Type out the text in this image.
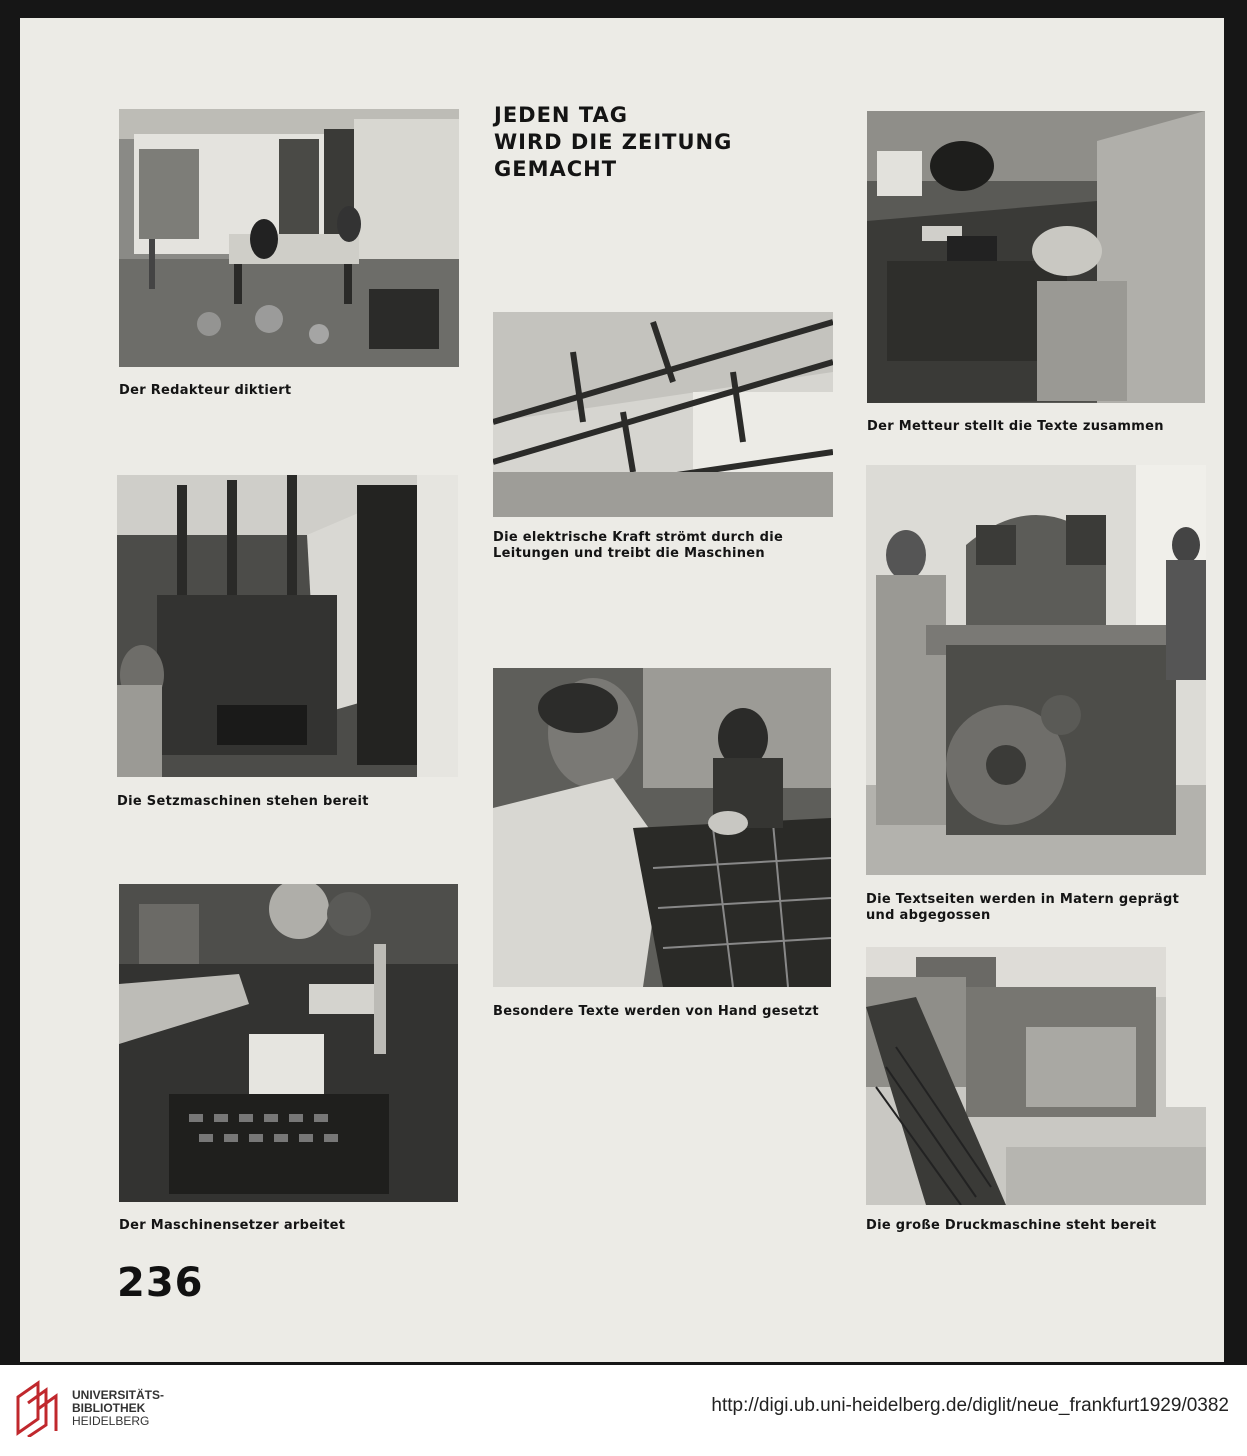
JEDEN TAG
WIRD DIE ZEITUNG GEMACHT
Der Redakteur diktiert
Die elektrische Kraft strömt durch die Leitungen und treibt die Maschinen
Der Metteur stellt die Texte zusammen
Die Setzmaschinen stehen bereit
Besondere Texte werden von Hand gesetzt
Die Textseiten werden in Matern geprägt und abgegossen
Der Maschinensetzer arbeitet	Die große Druckmaschine steht bereit
236
UNIVERSITÄTS-
BIBLIOTHEK
HEIDELBERG
http://digi.ub.uni-heidelberg.de/diglit/neue_frankfurt1929/0382
